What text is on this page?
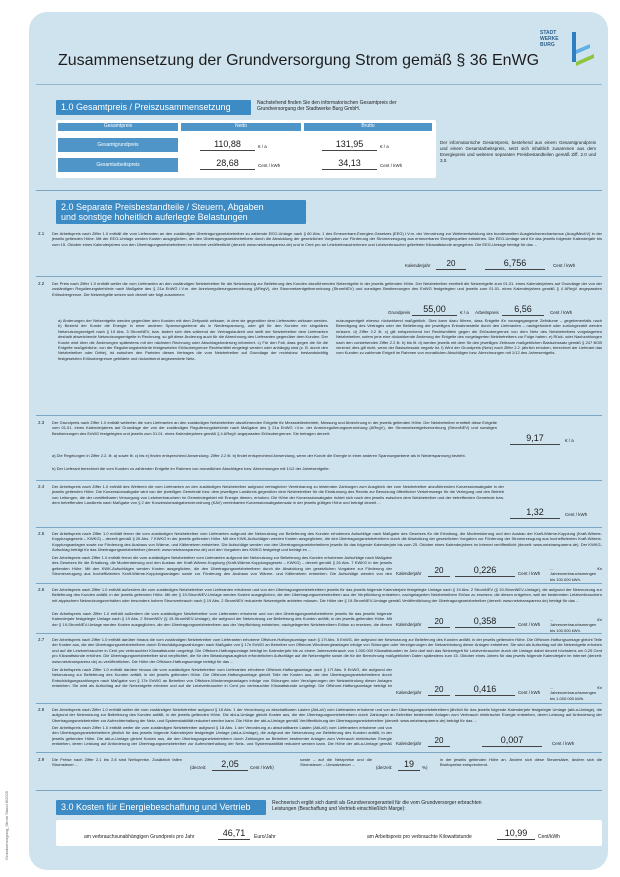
STADT
WERKE
BURG
Zusammensetzung der Grundversorgung Strom gemäß § 36 EnWG
Grundversorgung_Strom Stand 8/2026
1.0 Gesamtpreis / Preiszusammensetzung	Nachstehend finden Sie den informatorischen Gesamtpreis der Grundversorgung der Stadtwerke Burg GmbH.
Gesamtpreis	Netto	Brutto
Gesamtgrundpreis	110,88	€ / a	131,95	€ / a
Gesamtarbeitspreis	28,68	Cent / kWh	34,13	Cent / kWh
Der informatorische Gesamtpreis, bestehend aus einem Gesamtgrundpreis und einem Gesamtarbeitspreis, setzt sich inhaltlich zusammen aus dem Energiepreis und weiteren separaten Preisbestandteilen gemäß Ziff. 2.0 und 3.0.
2.0 Separate Preisbestandteile / Steuern, Abgaben
und sonstige hoheitlich auferlegte Belastungen
2.1 Der Arbeitspreis nach Ziffer 1.0 enthält die vom Lieferanten an den zuständigen Übertragungsnetzbetreiber zu zahlende EEG-Umlage nach § 60 Abs. 1 des Erneuerbare-Energien-Gesetzes (EEG) i.V.m. der Verordnung zur Weiterentwicklung des bundesweiten Ausgleichsmechanismus (AusglMechV) in der jeweils geltenden Höhe. Mit der EEG-Umlage werden Kosten ausgeglichen, die den Übertragungsnetzbetreibern durch die Abwicklung der gesetzlichen Vorgaben zur Förderung der Stromerzeugung aus erneuerbaren Energiequellen entstehen. Die EEG-Umlage wird für das jeweils folgende Kalenderjahr bis zum 15. Oktober eines Kalenderjahres von den Übertragungsnetzbetreibern im Internet veröffentlicht (derzeit: www.netztransparenz.de) und in Cent pro an Letztverbraucherinnen und Letztverbraucher gelieferter Kilowattstunde angegeben. Die EEG-Umlage beträgt für das ...
Kalenderjahr	20	6,756	Cent / kWh
2.2 Der Preis nach Ziffer 1.0 enthält weiter die vom Lieferanten an den zuständigen Netzbetreiber für die Netznutzung zur Belieferung des Kunden abzuführenden Netzentgelte in der jeweils geltenden Höhe. Der Netzbetreiber ermittelt die Netzentgelte zum 01.01. eines Kalenderjahres auf Grundlage der von der zuständigen Regulierungsbehörde nach Maßgabe des § 21a EnWG i.V.m. der Anreizregulierungsverordnung (ARegV), der Stromnetzentgeltverordnung (StromNEV) und sonstigen Bestimmungen des EnWG festgelegten und jeweils zum 01.01. eines Kalenderjahres gemäß § 4 ARegV angepassten Erlösobergrenze. Die Netzentgelte setzen sich derzeit wie folgt zusammen:
Grundpreis	55,00	€ / a Arbeitspreis	6,56	Cent / kWh
a) Änderungen der Netzentgelte werden gegenüber dem Kunden mit dem Zeitpunkt wirksam, in dem sie gegenüber dem Lieferanten wirksam werden. b) Bezieht der Kunde die Energie in einer anderen Spannungsebene als in Niederspannung, oder gilt für den Kunden ein singuläres Netznutzungsentgelt nach § 19 Abs. 3 StromNEV, bzw. ändert sich dies während der Vertragslaufzeit und stellt der Netzbetreiber dem Lieferanten deshalb abweichende Netznutzungsentgelte in Rechnung, so gilt diese Änderung auch für die Abrechnung des Lieferanten gegenüber dem Kunden. Der Kunde wird über die Änderungen spätestens mit der nächsten Rechnung oder Abschlagsforderung informiert. c) Für den Fall, dass gegen die für die Entgelte maßgebliche, von der Regulierungsbehörde festgesetzten Erlösobergrenze Rechtsmittel eingelegt werden oder anhängig sind (z. B. durch den Netzbetreiber oder Dritte), ist zwischen den Parteien dieses Vertrages die vom Netzbetreiber auf Grundlage der rechtsbzw. bestandskräftig festgesetzten Erlösobergrenze gebildete und rückwirkend angewendete Netz-
nutzungsentgelt ebenso rückwirkend maßgeblich. Dies kann dazu führen, dass Entgelte für vorangegangene Zeiträume – gegebenenfalls nach Beendigung des Vertrages oder der Belieferung der jeweiligen Entnahmestelle durch den Lieferanten – nachgefordert oder zurückgezahlt werden müssen. d) Ziffer 2.2 lit. c) gilt entsprechend bei Rechtsmitteln gegen die Erlösobergrenze von dem Netz des Netzbetreibers vorgelagerten Netzbetreiber, sofern jene eine rückwirkende Änderung der Entgelte des vorgelagerten Netzbetreibers zur Folge haben. e) Rück- oder Nachzahlungen nach den vorstehenden Ziffer 2.2 lit. b) bis lit. d) werden jeweils mit dem für den jeweiligen Zeitraum maßgeblichen Basiszinssatz gemäß § 247 BGB verzinst; dies gilt nicht, wenn der Basiszinssatz negativ ist. f) Wird der Grundpreis (Netz) nach Ziffer 2.2. jährlich erhoben, berechnet der Lieferant das vom Kunden zu zahlende Entgelt im Rahmen von monatlichen Abschlägen bzw. Abrechnungen mit 1/12 des Jahresentgelts.
2.3 Der Grundpreis nach Ziffer 1.0 enthält weiterhin die vom Lieferanten an den zuständigen Netzbetreiber abzuführenden Entgelte für Messstellenbetrieb, Messung und Abrechnung in der jeweils geltenden Höhe. Der Netzbetreiber ermittelt diese Entgelte zum 01.01. eines Kalenderjahres auf Grundlage der von der zuständigen Regulierungsbehörde nach Maßgabe des § 21a EnWG i.V.m. der Anreizregulierungsverordnung (ARegV), der Stromnetzentgeltverordnung (StromNEV) und sonstigen Bestimmungen des EnWG festgelegten und jeweils zum 01.01. eines Kalenderjahres gemäß § 4 ARegV angepassten Erlösobergrenze. Sie betragen derzeit:	9,17	€ / a
a) Die Regelungen in Ziffer 2.2. lit. a) sowie lit. c) bis e) finden entsprechend Anwendung. Ziffer 2.2 lit. b) findet entsprechend Anwendung, wenn der Kunde die Energie in einer anderen Spannungsebene als in Niederspannung bezieht.
b) Der Lieferant berechnet die vom Kunden zu zahlenden Entgelte im Rahmen von monatlichen Abschlägen bzw. Abrechnungen mit 1/12 der Jahresentgelte.
2.4 Der Arbeitspreis nach Ziffer 1.0 enthält des Weiteren die vom Lieferanten an den zuständigen Netzbetreiber aufgrund vertraglicher Vereinbarung zu leistenden Zahlungen zum Ausgleich der vom Netzbetreiber abzuführenden Konzessionsabgabe in der jeweils geltenden Höhe. Die Konzessionsabgabe wird von der jeweiligen Gemeinde bzw. dem jeweiligen Landkreis gegenüber dem Netzbetreiber für die Einräumung des Rechts zur Benutzung öffentlicher Verkehrswege für die Verlegung und den Betrieb von Leitungen, die der unmittelbaren Versorgung von Letztverbrauchern im Gemeindegebiet mit Energie dienen, erhoben. Die Höhe der Konzessionsabgabe richtet sich nach den jeweils zwischen dem Netzbetreiber und der betreffenden Gemeinde bzw. dem betreffenden Landkreis nach Maßgabe von § 2 der Konzessionsabgabenverordnung (KAV) vereinbarten Konzessionsabgabensatz in der jeweils gültigen Höhe und beträgt derzeit ...
1,32	Cent / kWh
2.5 Der Arbeitspreis nach Ziffer 1.0 enthält ferner die vom zuständigen Netzbetreiber vom Lieferanten aufgrund der Netznutzung zur Belieferung des Kunden erhobenen Aufschläge nach Maßgabe des Gesetzes für die Erhaltung, die Modernisierung und den Ausbau der Kraft-Wärme-Kopplung (Kraft-Wärme-Kopplungsgesetz – KWKG) – derzeit gemäß § 26 Abs. 7 KWKG in der jeweils geltenden Höhe. Mit den KWK-Aufschlägen werden Kosten ausgeglichen, die den Übertragungsnetzbetreibern durch die Abwicklung der gesetzlichen Vorgaben zur Förderung der Stromerzeugung aus hocheffizienten Kraft-Wärme-Kopplungsanlagen sowie zur Förderung des Ausbaus von Wärme- und Kältenetzen entstehen. Die Aufschläge werden von den Übertragungsnetzbetreibern jeweils für das folgende Kalenderjahr bis zum 25. Oktober eines Kalenderjahres im Internet veröffentlicht (derzeit: www.netztransparenz.de). Der KWKG-Aufschlag beträgt für das Übertragungsnetzbetreiber (derzeit: www.netztransparenz.de) und den Vorgaben des KWKG festgelegt und beträgt im ...
Der Arbeitspreis nach Ziffer 1.0 enthält ferner die vom zuständigen Netzbetreiber vom Lieferanten aufgrund der Netznutzung zur Belieferung des Kunden erhobenen Aufschläge nach Maßgabe des Gesetzes für die Erhaltung, die Modernisierung und den Ausbau der Kraft-Wärme-Kopplung (Kraft-Wärme-Kopplungsgesetz – KWKG) – derzeit gemäß § 26 Abs. 7 KWKG in der jeweils geltenden Höhe. Mit den KWK-Aufschlägen werden Kosten ausgeglichen, die den Übertragungsnetzbetreibern durch die Abwicklung der gesetzlichen Vorgaben zur Förderung der Stromerzeugung aus hocheffizienten Kraft-Wärme-Kopplungsanlagen sowie zur Förderung des Ausbaus von Wärme- und Kältenetzen entstehen. Die Aufschläge werden von den Kalenderjahr	20	0,226	Cent / kWh
... für Jahresverbrauchsmengen bis 100.000 kWh.
2.6 Der Arbeitspreis nach Ziffer 1.0 enthält außerdem die vom zuständigen Netzbetreiber vom Lieferanten erhobene und von den Übertragungsnetzbetreibern jeweils für das jeweils folgende Kalenderjahr festgelegte Umlage nach § 19 Abs. 2 StromNEV (§ 19-StromNEV-Umlage), die aufgrund der Netznutzung zur Belieferung des Kunden anfällt, in der jeweils geltenden Höhe. Mit der § 19-StromNEV-Umlage werden Kosten ausgeglichen, die den Übertragungsnetzbetreibern aus der Verpflichtung entstehen, nachgelagerten Netzbetreibern Erlöse zu ersetzen, die diesen entgehen, weil sie bestimmten Letztverbrauchern mit atypischem Netznutzungsverhalten oder besonders hohem Stromverbrauch nach § 19 Abs. 2 StromNEV reduzierte Netzentgelte anbieten müssen. Die Höhe der § 19-StromNEV-Umlage gemäß Veröffentlichung der Übertragungsnetzbetreiber (derzeit: www.netztransparenz.de) beträgt für das ...
Der Arbeitspreis nach Ziffer 1.0 enthält außerdem die vom zuständigen Netzbetreiber vom Lieferanten erhobene und von den Übertragungsnetzbetreibern jeweils für das jeweils folgende Kalenderjahr festgelegte Umlage nach § 19 Abs. 2 StromNEV (§ 19-StromNEV-Umlage), die aufgrund der Netznutzung zur Belieferung des Kunden anfällt, in der jeweils geltenden Höhe. Mit der § 19-StromNEV-Umlage werden Kosten ausgeglichen, die den Übertragungsnetzbetreibern aus der Verpflichtung entstehen, nachgelagerten Netzbetreibern Erlöse zu ersetzen, die diesen Kalenderjahr	20	0,358	Cent / kWh
... für Jahresverbrauchsmengen bis 100.000 kWh.
2.7 Der Arbeitspreis nach Ziffer 1.0 enthält darüber hinaus die vom zuständigen Netzbetreiber vom Lieferanten erhobene Offshore-Haftungsumlage nach § 17f Abs. 5 EnWG, die aufgrund der Netznutzung zur Belieferung des Kunden anfällt, in der jeweils geltenden Höhe. Die Offshore-Haftungsumlage gleicht Teile der Kosten aus, die den Übertragungsnetzbetreibern durch Entschädigungszahlungen nach Maßgabe von § 17e EnWG an Betreiber von Offshore-Windenergieanlagen infolge von Störungen oder Verzögerungen der Netzanbindung dieser Anlagen entstehen. Sie wird als Aufschlag auf die Netzentgelte erhoben und auf die Letztverbraucher in Cent pro verbrauchter Kilowattstunde umgelegt. Die Offshore-Haftungsumlage beträgt im Kalenderjahr bis zu einem Jahresverbrauch von 1.000.000 Kilowattstunden im Jahr darf sich das Netzentgelt für Letztverbraucher durch die Umlage dabei derzeit höchstens um 0,25 Cent pro Kilowattstunde erhöhen. Die Übertragungsnetzbetreiber sind verpflichtet, die für den Belastungsausgleich erforderlichen Aufschläge auf die Netzentgelte sowie die für die Berechnung maßgeblichen Daten spätestens zum 15. Oktober eines Jahres für das jeweils folgende Kalenderjahr im Internet (derzeit: www.netztransparenz.de) zu veröffentlichen. Die Höhe der Offshore-Haftungsumlage beträgt für das ...
Der Arbeitspreis nach Ziffer 1.0 enthält darüber hinaus die vom zuständigen Netzbetreiber vom Lieferanten erhobene Offshore-Haftungsumlage nach § 17f Abs. 5 EnWG, die aufgrund der Netznutzung zur Belieferung des Kunden anfällt, in der jeweils geltenden Höhe. Die Offshore-Haftungsumlage gleicht Teile der Kosten aus, die den Übertragungsnetzbetreibern durch Entschädigungszahlungen nach Maßgabe von § 17e EnWG an Betreiber von Offshore-Windenergieanlagen infolge von Störungen oder Verzögerungen der Netzanbindung dieser Anlagen entstehen. Sie wird als Aufschlag auf die Netzentgelte erhoben und auf die Letztverbraucher in Cent pro verbrauchter Kilowattstunde umgelegt. Die Offshore-Haftungsumlage beträgt im
Kalenderjahr	20	0,416	Cent / kWh
... für Jahresverbrauchsmengen bis 1.000.000 kWh.
2.8 Der Arbeitspreis nach Ziffer 1.0 enthält weiter die vom zuständigen Netzbetreiber aufgrund § 18 Abs. 1 der Verordnung zu abschaltbaren Lasten (AbLaV) vom Lieferanten erhobene und von den Übertragungsnetzbetreibern jährlich für das jeweils folgende Kalenderjahr festgelegte Umlage (abLa-Umlage), die aufgrund der Netznutzung zur Belieferung des Kunden anfällt, in der jeweils geltenden Höhe. Die abLa-Umlage gleicht Kosten aus, die den Übertragungsnetzbetreibern durch Zahlungen an Betreiber bestimmter Anlagen zum Verbrauch elektrischer Energie entstehen, deren Leistung auf Anforderung der Übertragungsnetzbetreiber zur Aufrechterhaltung der Netz- und Systemstabilität reduziert werden kann. Die Höhe der abLa-Umlage gemäß Veröffentlichung der Übertragungsnetzbetreiber (derzeit: www.netztransparenz.de) beträgt für das ...
Der Arbeitspreis nach Ziffer 1.0 enthält weiter die vom zuständigen Netzbetreiber aufgrund § 18 Abs. 1 der Verordnung zu abschaltbaren Lasten (AbLaV) vom Lieferanten erhobene und von den Übertragungsnetzbetreibern jährlich für das jeweils folgende Kalenderjahr festgelegte Umlage (abLa-Umlage), die aufgrund der Netznutzung zur Belieferung des Kunden anfällt, in der jeweils geltenden Höhe. Die abLa-Umlage gleicht Kosten aus, die den Übertragungsnetzbetreibern durch Zahlungen an Betreiber bestimmter Anlagen zum Verbrauch elektrischer Energie entstehen, deren Leistung auf Anforderung der Übertragungsnetzbetreiber zur Aufrechterhaltung der Netz- und Systemstabilität reduziert werden kann. Die Höhe der abLa-Umlage gemäß Kalenderjahr	20	0,007	Cent / kWh
2.9 Die Preise nach Ziffer 2.1 bis 2.8 sind Nettopreise. Zusätzlich fallen Stromsteuer ...
(derzeit:	2,05	Cent / kWh)
sowie – auf die Netzpreise und die Stromsteuer – Umsatzsteuer ...
(derzeit:	19	%)
in der jeweils geltenden Höhe an. Ändern sich diese Steuersätze, ändern sich die Bruttopreise entsprechend.
3.0 Kosten für Energiebeschaffung und Vertrieb	Rechnerisch ergibt sich damit als Grundversorgeranteil für die vom Grundversorger erbrachten Leistungen (Beschaffung und Vertrieb einschließlich Marge):
am verbrauchsunabhängigen Grundpreis pro Jahr	46,71	Euro/Jahr	am Arbeitspreis pro verbrauchte Kilowattstunde	10,99	Cent/kWh
